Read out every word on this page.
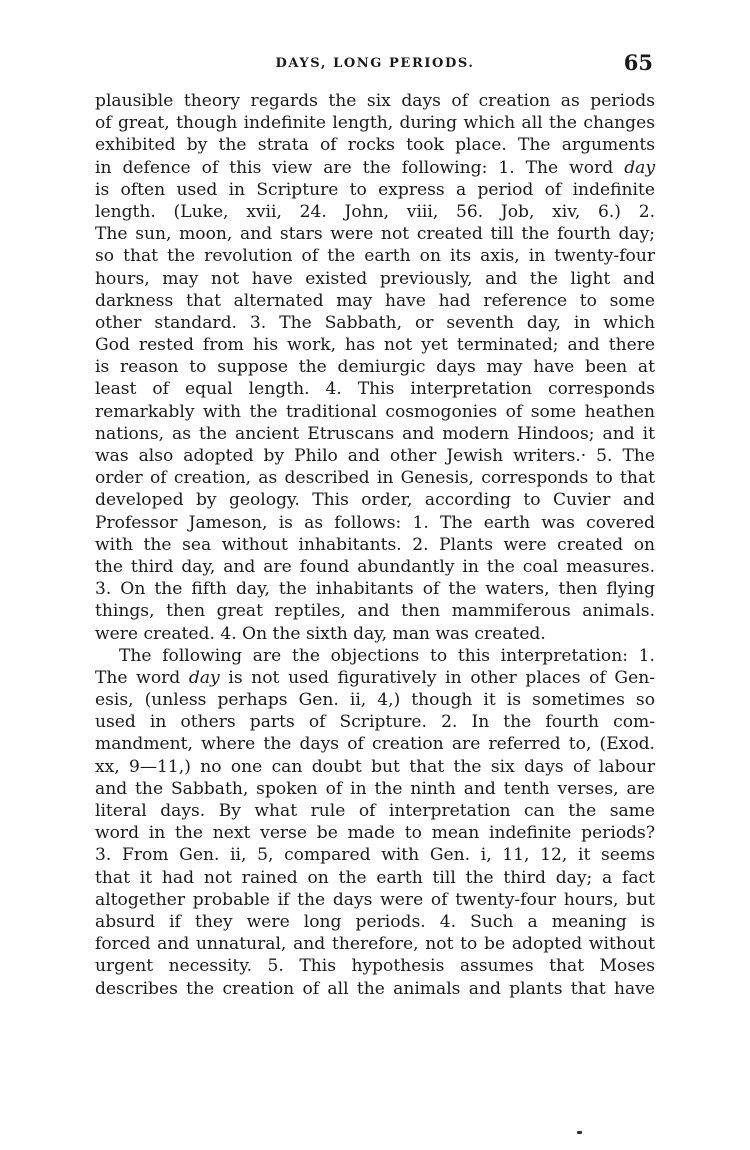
DAYS, LONG PERIODS.	65
plausible theory regards the six days of creation as periods
of great, though indefinite length, during which all the changes
exhibited by the strata of rocks took place. The arguments
in defence of this view are the following: 1. The word day
is often used in Scripture to express a period of indefinite
length. (Luke, xvii, 24. John, viii, 56. Job, xiv, 6.) 2.
The sun, moon, and stars were not created till the fourth day;
so that the revolution of the earth on its axis, in twenty-four
hours, may not have existed previously, and the light and
darkness that alternated may have had reference to some
other standard. 3. The Sabbath, or seventh day, in which
God rested from his work, has not yet terminated; and there
is reason to suppose the demiurgic days may have been at
least of equal length. 4. This interpretation corresponds
remarkably with the traditional cosmogonies of some heathen
nations, as the ancient Etruscans and modern Hindoos; and it
was also adopted by Philo and other Jewish writers.· 5. The
order of creation, as described in Genesis, corresponds to that
developed by geology. This order, according to Cuvier and
Professor Jameson, is as follows: 1. The earth was covered
with the sea without inhabitants. 2. Plants were created on
the third day, and are found abundantly in the coal measures.
3. On the fifth day, the inhabitants of the waters, then flying
things, then great reptiles, and then mammiferous animals.
were created. 4. On the sixth day, man was created.
The following are the objections to this interpretation: 1.
The word day is not used figuratively in other places of Gen-
esis, (unless perhaps Gen. ii, 4,) though it is sometimes so
used in others parts of Scripture. 2. In the fourth com-
mandment, where the days of creation are referred to, (Exod.
xx, 9—11,) no one can doubt but that the six days of labour
and the Sabbath, spoken of in the ninth and tenth verses, are
literal days. By what rule of interpretation can the same
word in the next verse be made to mean indefinite periods?
3. From Gen. ii, 5, compared with Gen. i, 11, 12, it seems
that it had not rained on the earth till the third day; a fact
altogether probable if the days were of twenty-four hours, but
absurd if they were long periods. 4. Such a meaning is
forced and unnatural, and therefore, not to be adopted without
urgent necessity. 5. This hypothesis assumes that Moses
describes the creation of all the animals and plants that have
